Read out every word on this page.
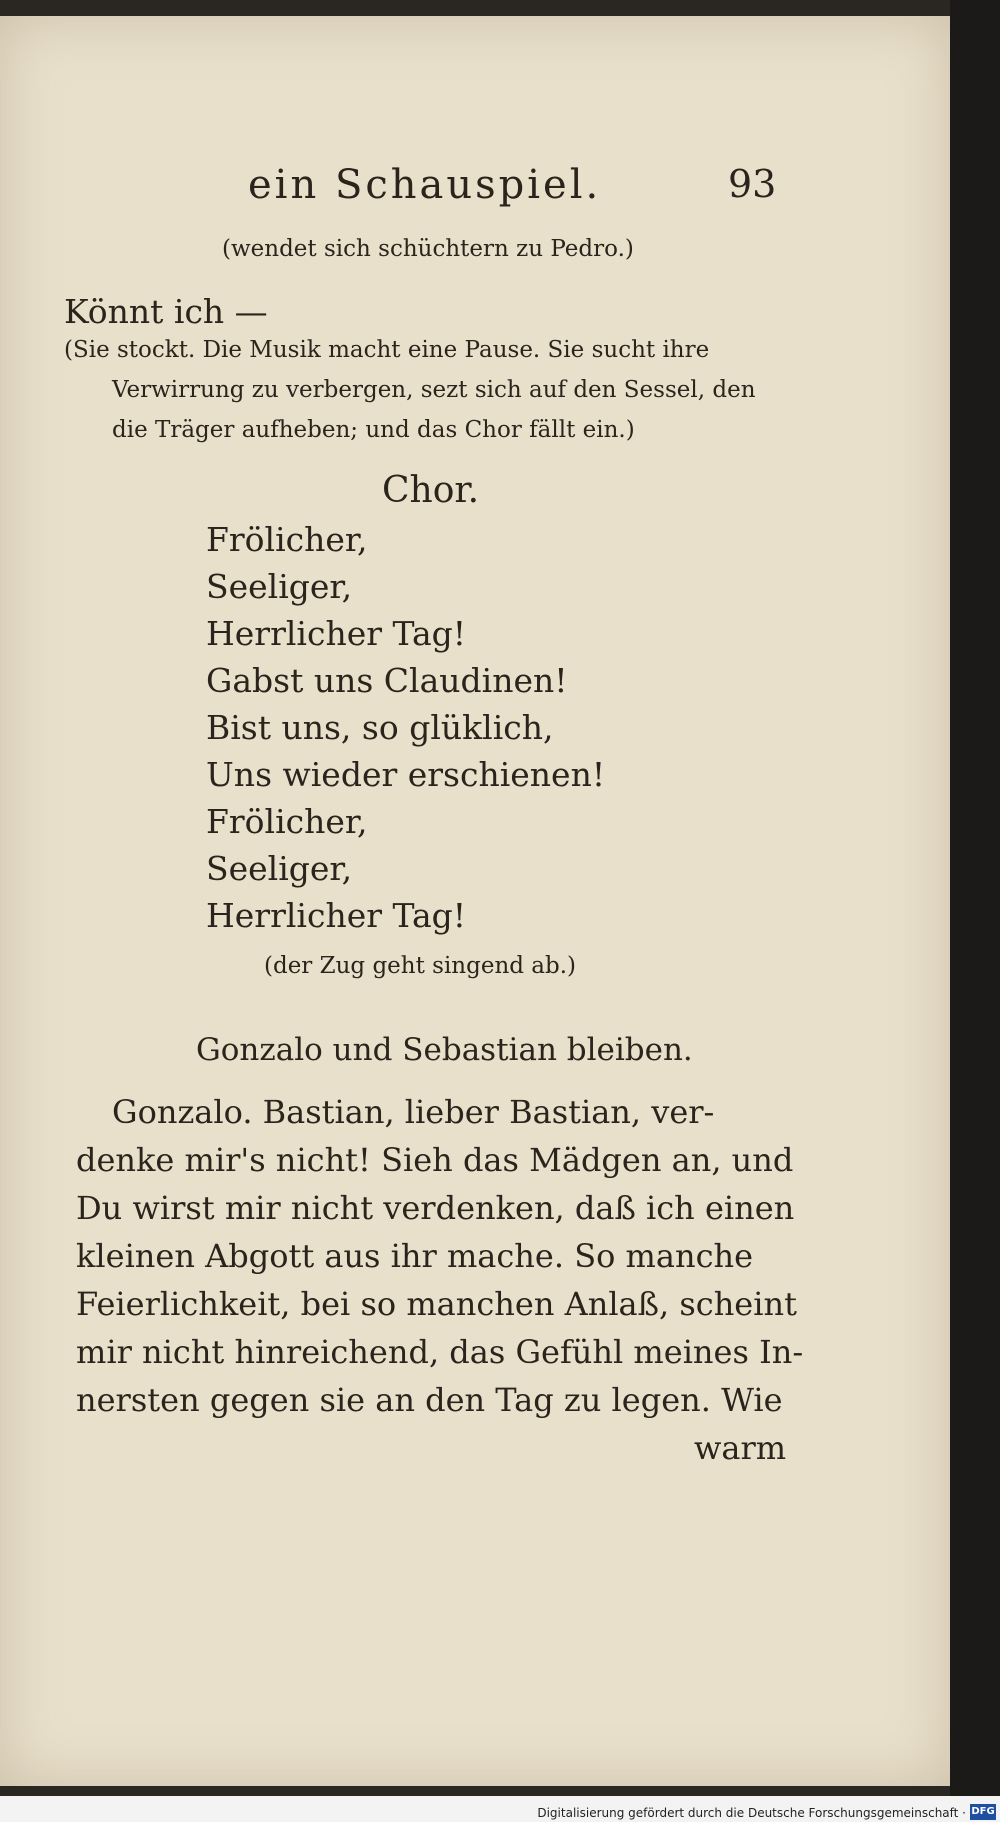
ein Schauspiel.	93
(wendet sich schüchtern zu Pedro.)
Könnt ich —
(Sie stockt. Die Musik macht eine Pause. Sie sucht ihre
Verwirrung zu verbergen, sezt sich auf den Sessel, den
die Träger aufheben; und das Chor fällt ein.)
Chor.
Frölicher,
Seeliger,
Herrlicher Tag!
Gabst uns Claudinen!
Bist uns, so glüklich,
Uns wieder erschienen!
Frölicher,
Seeliger,
Herrlicher Tag!
(der Zug geht singend ab.)
Gonzalo und Sebastian bleiben.
Gonzalo. Bastian, lieber Bastian, ver-
denke mir's nicht! Sieh das Mädgen an, und
Du wirst mir nicht verdenken, daß ich einen
kleinen Abgott aus ihr mache. So manche
Feierlichkeit, bei so manchen Anlaß, scheint
mir nicht hinreichend, das Gefühl meines In-
nersten gegen sie an den Tag zu legen. Wie
warm
Digitalisierung gefördert durch die Deutsche Forschungsgemeinschaft · DFG
